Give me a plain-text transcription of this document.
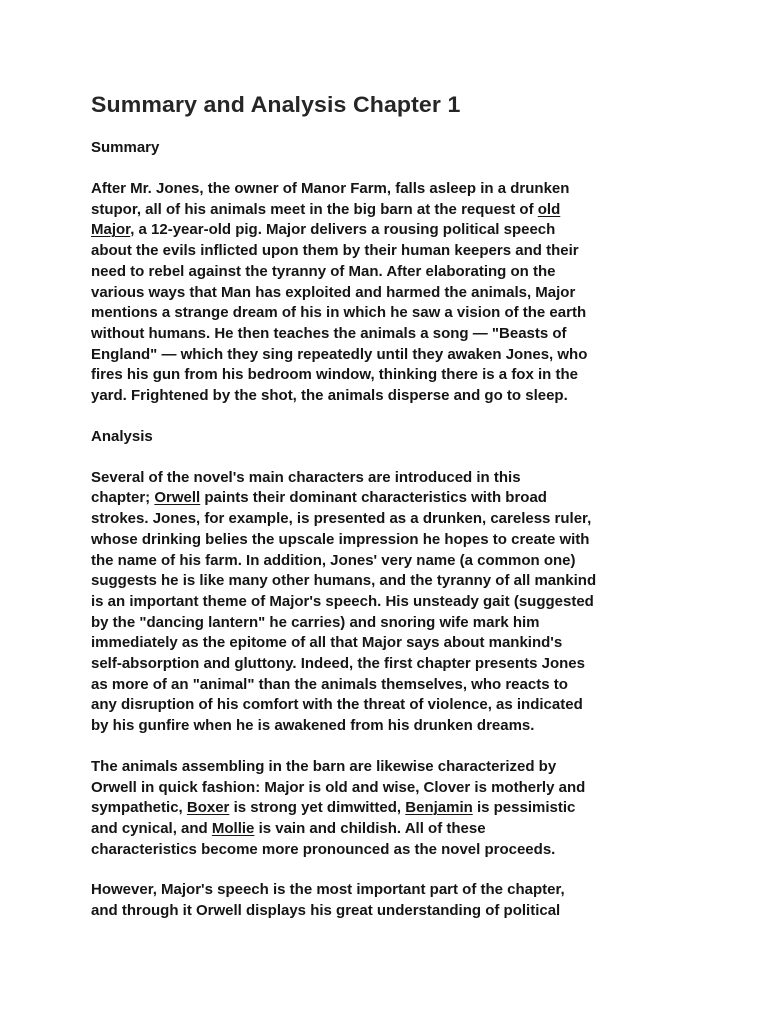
Summary and Analysis Chapter 1
Summary

After Mr. Jones, the owner of Manor Farm, falls asleep in a drunken
stupor, all of his animals meet in the big barn at the request of old
Major, a 12-year-old pig. Major delivers a rousing political speech
about the evils inflicted upon them by their human keepers and their
need to rebel against the tyranny of Man. After elaborating on the
various ways that Man has exploited and harmed the animals, Major
mentions a strange dream of his in which he saw a vision of the earth
without humans. He then teaches the animals a song — "Beasts of
England" — which they sing repeatedly until they awaken Jones, who
fires his gun from his bedroom window, thinking there is a fox in the
yard. Frightened by the shot, the animals disperse and go to sleep.

Analysis

Several of the novel's main characters are introduced in this
chapter; Orwell paints their dominant characteristics with broad
strokes. Jones, for example, is presented as a drunken, careless ruler,
whose drinking belies the upscale impression he hopes to create with
the name of his farm. In addition, Jones' very name (a common one)
suggests he is like many other humans, and the tyranny of all mankind
is an important theme of Major's speech. His unsteady gait (suggested
by the "dancing lantern" he carries) and snoring wife mark him
immediately as the epitome of all that Major says about mankind's
self-absorption and gluttony. Indeed, the first chapter presents Jones
as more of an "animal" than the animals themselves, who reacts to
any disruption of his comfort with the threat of violence, as indicated
by his gunfire when he is awakened from his drunken dreams.

The animals assembling in the barn are likewise characterized by
Orwell in quick fashion: Major is old and wise, Clover is motherly and
sympathetic, Boxer is strong yet dimwitted, Benjamin is pessimistic
and cynical, and Mollie is vain and childish. All of these
characteristics become more pronounced as the novel proceeds.

However, Major's speech is the most important part of the chapter,
and through it Orwell displays his great understanding of political
